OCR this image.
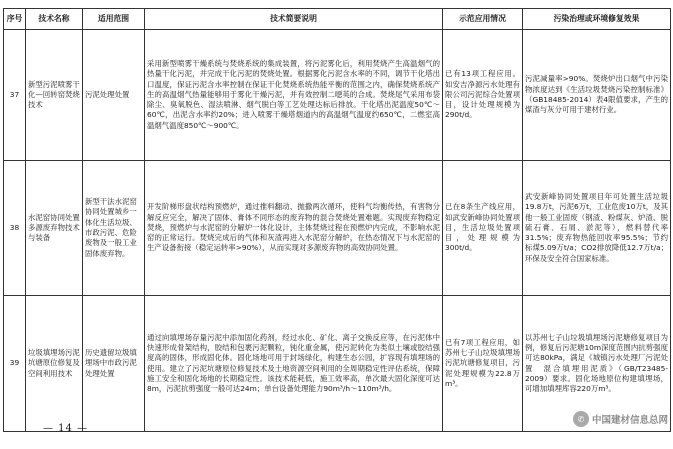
序号	技术名称	适用范围	技术简要说明	示范应用情况	污染治理或环境修复效果
37	新型污泥喷雾干化—回转窑焚烧技术	污泥处理处置	采用新型喷雾干燥系统与焚烧系统的集成装置，将污泥雾化后，利用焚烧产生高温烟气的热量干化污泥，并完成干化污泥的焚烧处置。根据雾化污泥含水率的不同，调节干化塔出口温度，保证污泥含水率控制在保证干化焚烧系统热能平衡的范围之内，确保焚烧系统产生的高温烟气热量能够用于雾化干燥污泥，并有效控制二噁英的合成。焚烧尾气采用布袋除尘、臭氧脱色、湿法喷淋、烟气脱白等工艺处理达标后排放。干化塔出泥温度50℃～60℃，出泥含水率约20%；进入喷雾干燥塔烟道内的高温烟气温度约650℃，二燃室高温烟气温度850℃～900℃。	已有13项工程应用。如安吉净源污水处理有限公司污泥综合处置项目，设计处理规模为290t/d。	污泥减量率>90%。焚烧炉出口烟气中污染物浓度达到《生活垃圾焚烧污染控制标准》（GB18485-2014）表4限值要求，产生的煤渣与灰分可用于建材行业。
38	水泥窑协同处置多源废弃物技术与装备	新型干法水泥窑协同处置城乡一体化生活垃圾、市政污泥、危险废物及一般工业固体废弃物。	开发阶梯形盘状结构预燃炉，通过推料翻动、抛撒两次循环，使料气均衡传热，有害物分解反应完全，解决了固体、膏体不同形态的废弃物的混合焚烧处置难题。实现废弃物稳定焚烧，预燃炉与水泥窑的分解炉一体化设计，主体焚烧过程在预燃炉内完成，不影响水泥窑的正常运行。焚烧完成后的气体和灰渣再进入水泥窑分解炉，在热态情况下与水泥窑的生产设备衔接（稳定运转率>90%），从而实现对多源废弃物的高效协同处置。	已在8条生产线应用，如武安新峰协同处置项目，生活垃圾处置项目，处理规模为300t/d。	武安新峰协同处置项目年可处置生活垃圾19.8万t，污泥6万t，工业危废10万t，及其他一般工业固废（钢渣、粉煤灰、炉渣、脱硫石膏、石屑、淤泥等），燃料替代率31.5%；废弃物热能回收率95.5%；节约标煤5.09万t/a；CO2排放降低12.7万t/a；环保及安全符合国家标准。
39	垃圾填埋场污泥坑塘原位修复及空间利用技术	历史遗留垃圾填埋场中市政污泥处理处置	通过向填埋场存量污泥中添加固化药剂，经过水化、矿化、离子交换反应等，在污泥体中快速形成骨架结构，胶结和包裹污泥颗粒，钝化重金属，使污泥转化为类似土壤或胶结强度高的固体，形成固化体。固化场地可用于封场绿化，构建生态公园，扩容现有填埋场的使用。建立了污泥坑塘原位修复技术及土地资源空间利用的全周期稳定性评估系统，保障施工安全和固化场地的长期稳定性。该技术能耗低，施工效率高，单次最大固化深度可达8m，污泥抗剪强度一般可达24m；单台设备处理能力90m³/h～110m³/h。	已有7项工程应用，如苏州七子山垃圾填埋场污泥坑塘修复项目，污泥处理规模为22.8万m³。	以苏州七子山垃圾填埋场污泥塘修复项目为例，修复后污泥塘10m深度范围内抗剪强度可达80kPa，满足《城镇污水处理厂污泥处置　混合填埋用泥质》（GB/T23485-2009）要求。固化场地原位构建填埋场，可增加填埋库容220万m³。
— 14 —
✆ 中国建材信息总网
